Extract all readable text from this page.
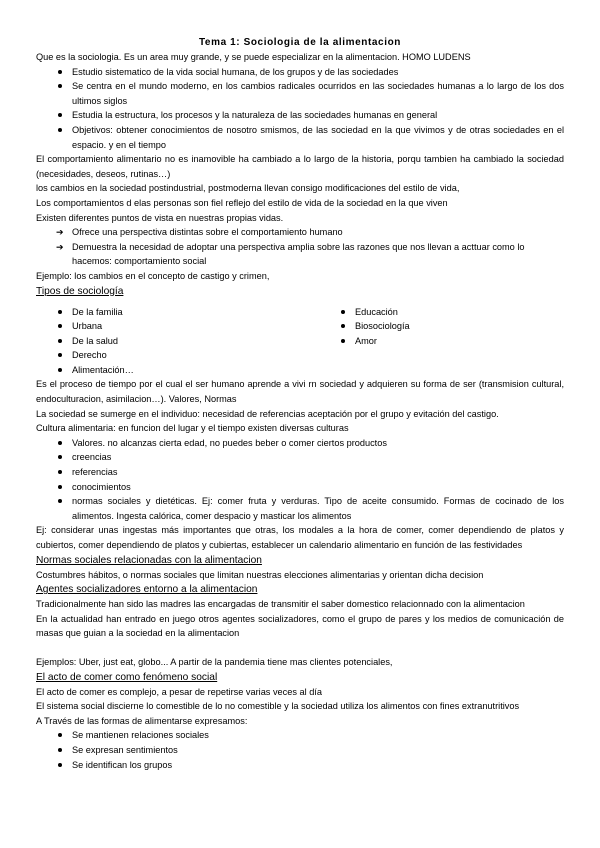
Tema 1: Sociologia de la alimentacion

Que es la sociologia. Es un area muy grande, y se puede especializar en la alimentacion. HOMO LUDENS

Estudio sistematico de la vida social humana, de los grupos y de las sociedades
Se centra en el mundo moderno, en los cambios radicales ocurridos en las sociedades humanas a lo largo de los dos ultimos siglos
Estudia la estructura, los procesos y la naturaleza de las sociedades humanas en general
Objetivos: obtener conocimientos de nosotro smismos, de las sociedad en la que vivimos y de otras sociedades en el espacio. y en el tiempo

El comportamiento alimentario no es inamovible ha cambiado a lo largo de la historia, porqu tambien ha cambiado la sociedad (necesidades, deseos, rutinas…)

los cambios en la sociedad postindustrial, postmoderna llevan consigo modificaciones del estilo de vida,

Los comportamientos d elas personas son fiel reflejo del estilo de vida de la sociedad en la que viven

Existen diferentes puntos de vista en nuestras propias vidas.

➔ Ofrece una perspectiva distintas sobre el comportamiento humano
➔ Demuestra la necesidad de adoptar una perspectiva amplia sobre las razones que nos llevan a acttuar como lo hacemos: comportamiento social

Ejemplo: los cambios en el concepto de castigo y crimen,

Tipos de sociología
De la familia
Urbana
De la salud
Derecho
Alimentación…
Educación
Biosociología
Amor

Es el proceso de tiempo por el cual el ser humano aprende a vivi rn sociedad y adquieren su forma de ser (transmision cultural, endoculturacion, asimilacion…). Valores, Normas

La sociedad se sumerge en el individuo: necesidad de referencias aceptación por el grupo y evitación del castigo.

Cultura alimentaria: en funcion del lugar y el tiempo existen diversas culturas

Valores. no alcanzas cierta edad, no puedes beber o comer ciertos productos
creencias
referencias
conocimientos
normas sociales y dietéticas. Ej: comer fruta y verduras. Tipo de aceite consumido. Formas de cocinado de los alimentos. Ingesta calórica, comer despacio y masticar los alimentos

Ej: considerar unas ingestas más importantes que otras, los modales a la hora de comer, comer dependiendo de platos y cubiertos, comer dependiendo de platos y cubiertas, establecer un calendario alimentario en función de las festividades

Normas sociales relacionadas con la alimentacion

Costumbres hábitos, o normas sociales que limitan nuestras elecciones alimentarias y orientan dicha decision

Agentes socializadores entorno a la alimentacion

Tradicionalmente han sido las madres las encargadas de transmitir el saber domestico relacionnado con la alimentacion

En la actualidad han entrado en juego otros agentes socializadores, como el grupo de pares y los medios de comunicación de masas que guian a la sociedad en la alimentacion

Ejemplos: Uber, just eat, globo... A partir de la pandemia tiene mas clientes potenciales,

El acto de comer como fenómeno social

El acto de comer es complejo, a pesar de repetirse varias veces al día

El sistema social discierne lo comestible de lo no comestible y la sociedad utiliza los alimentos con fines extranutritivos

A Través de las formas de alimentarse expresamos:

Se mantienen relaciones sociales
Se expresan sentimientos
Se identifican los grupos
